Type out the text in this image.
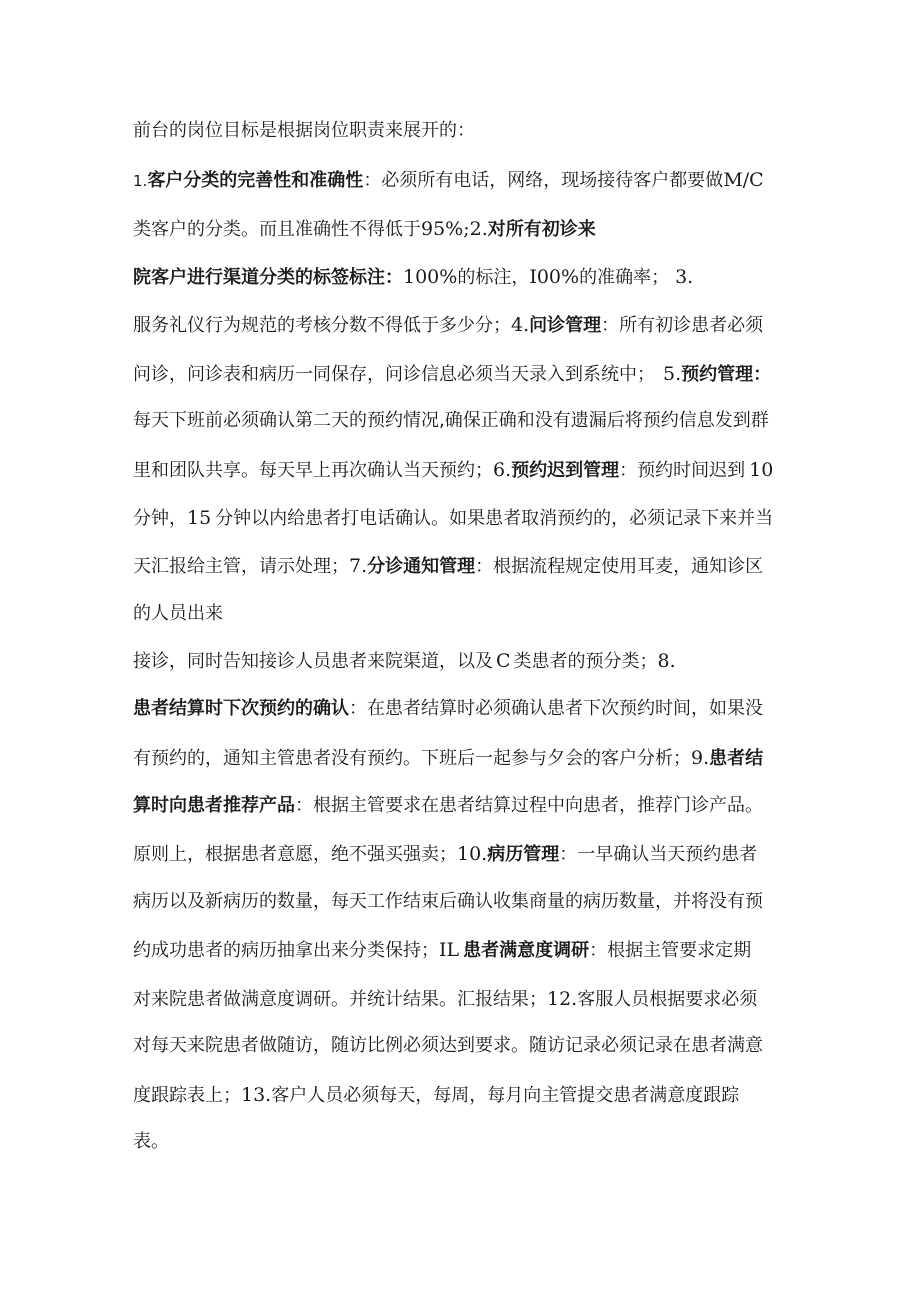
前台的岗位目标是根据岗位职责来展开的：
1.客户分类的完善性和准确性：必须所有电话，网络，现场接待客户都要做M/C
类客户的分类。而且准确性不得低于95%;2.对所有初诊来
院客户进行渠道分类的标签标注：100%的标注，I00%的准确率； 3.
服务礼仪行为规范的考核分数不得低于多少分；4.问诊管理：所有初诊患者必须
问诊，问诊表和病历一同保存，问诊信息必须当天录入到系统中； 5.预约管理：
每天下班前必须确认第二天的预约情况,确保正确和没有遗漏后将预约信息发到群
里和团队共享。每天早上再次确认当天预约；6.预约迟到管理：预约时间迟到 10
分钟，15 分钟以内给患者打电话确认。如果患者取消预约的，必须记录下来并当
天汇报给主管，请示处理；7.分诊通知管理：根据流程规定使用耳麦，通知诊区
的人员出来
接诊，同时告知接诊人员患者来院渠道，以及 C 类患者的预分类；8.
患者结算时下次预约的确认：在患者结算时必须确认患者下次预约时间，如果没
有预约的，通知主管患者没有预约。下班后一起参与夕会的客户分析；9.患者结
算时向患者推荐产品：根据主管要求在患者结算过程中向患者，推荐门诊产品。
原则上，根据患者意愿，绝不强买强卖；10.病历管理：一早确认当天预约患者
病历以及新病历的数量，每天工作结束后确认收集商量的病历数量，并将没有预
约成功患者的病历抽拿出来分类保持；IL 患者满意度调研：根据主管要求定期
对来院患者做满意度调研。并统计结果。汇报结果；12.客服人员根据要求必须
对每天来院患者做随访，随访比例必须达到要求。随访记录必须记录在患者满意
度跟踪表上；13.客户人员必须每天，每周，每月向主管提交患者满意度跟踪
表。
